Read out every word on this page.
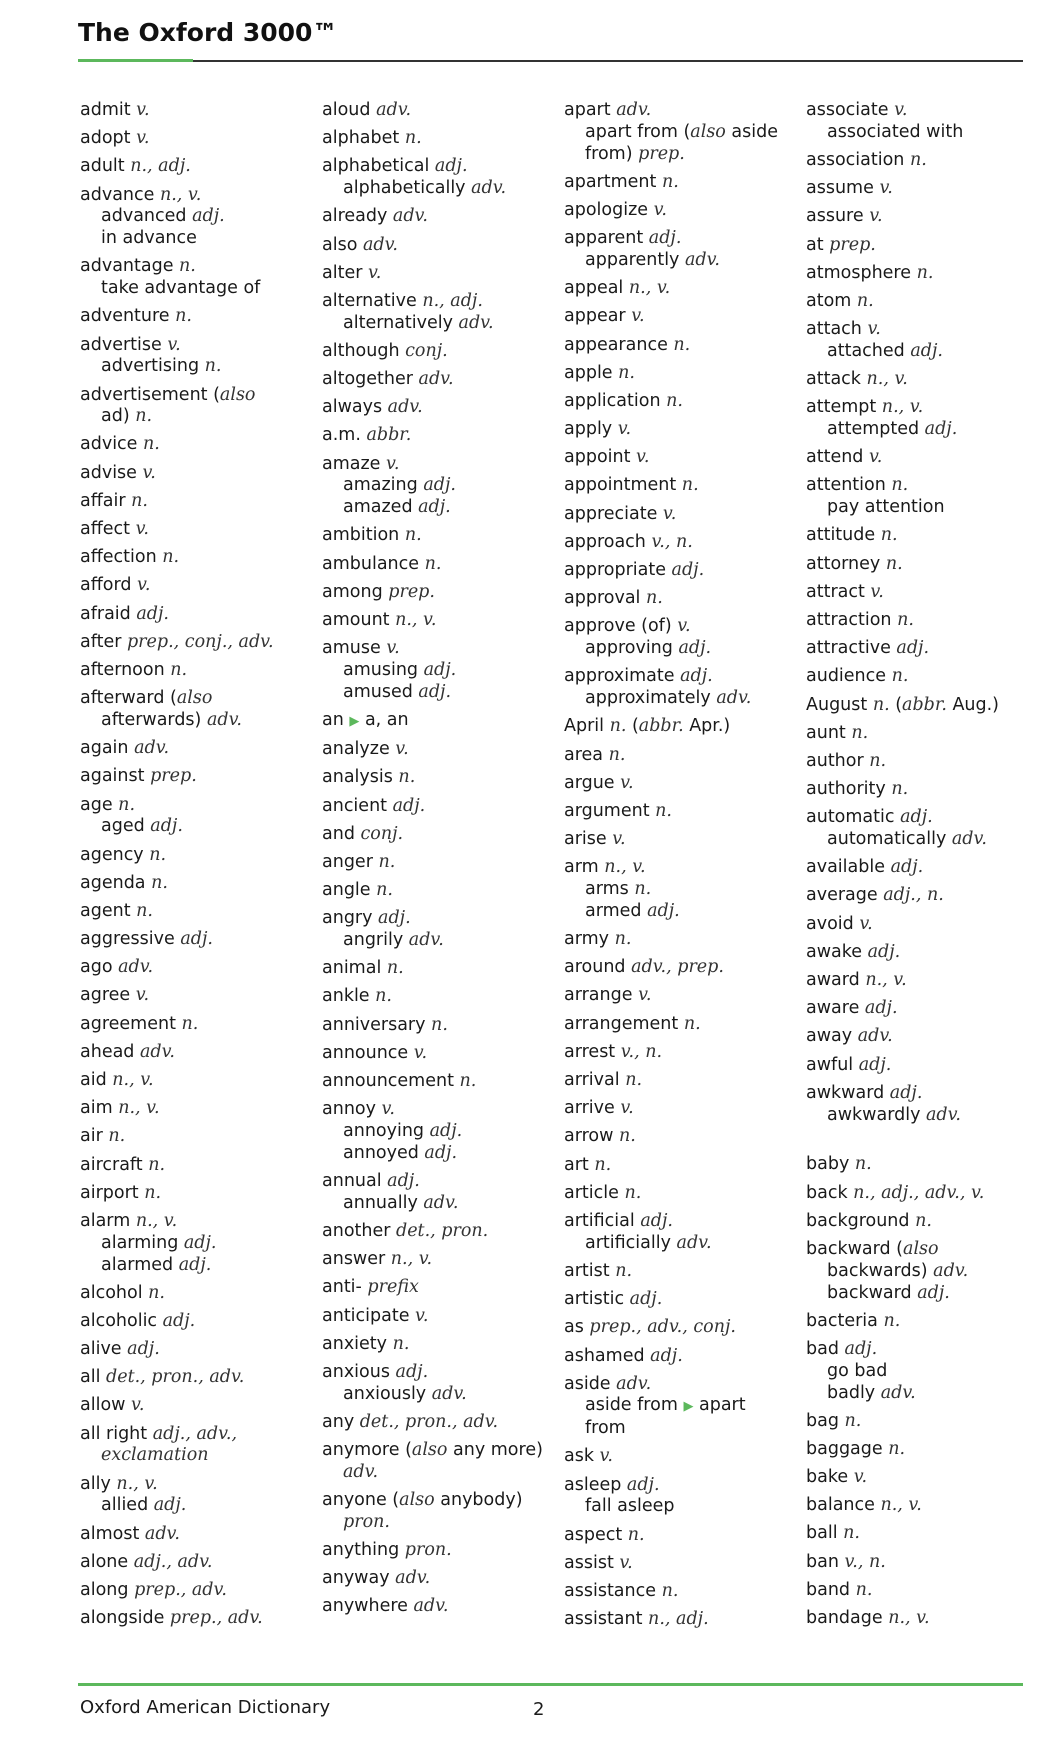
The Oxford 3000™
admit v.
adopt v.
adult n., adj.
advance n., v.
advanced adj.
in advance
advantage n.
take advantage of
adventure n.
advertise v.
advertising n.
advertisement (also
ad) n.
advice n.
advise v.
affair n.
affect v.
affection n.
afford v.
afraid adj.
after prep., conj., adv.
afternoon n.
afterward (also
afterwards) adv.
again adv.
against prep.
age n.
aged adj.
agency n.
agenda n.
agent n.
aggressive adj.
ago adv.
agree v.
agreement n.
ahead adv.
aid n., v.
aim n., v.
air n.
aircraft n.
airport n.
alarm n., v.
alarming adj.
alarmed adj.
alcohol n.
alcoholic adj.
alive adj.
all det., pron., adv.
allow v.
all right adj., adv.,
exclamation
ally n., v.
allied adj.
almost adv.
alone adj., adv.
along prep., adv.
alongside prep., adv.
aloud adv.
alphabet n.
alphabetical adj.
alphabetically adv.
already adv.
also adv.
alter v.
alternative n., adj.
alternatively adv.
although conj.
altogether adv.
always adv.
a.m. abbr.
amaze v.
amazing adj.
amazed adj.
ambition n.
ambulance n.
among prep.
amount n., v.
amuse v.
amusing adj.
amused adj.
an ▶ a, an
analyze v.
analysis n.
ancient adj.
and conj.
anger n.
angle n.
angry adj.
angrily adv.
animal n.
ankle n.
anniversary n.
announce v.
announcement n.
annoy v.
annoying adj.
annoyed adj.
annual adj.
annually adv.
another det., pron.
answer n., v.
anti- prefix
anticipate v.
anxiety n.
anxious adj.
anxiously adv.
any det., pron., adv.
anymore (also any more)
adv.
anyone (also anybody)
pron.
anything pron.
anyway adv.
anywhere adv.
apart adv.
apart from (also aside
from) prep.
apartment n.
apologize v.
apparent adj.
apparently adv.
appeal n., v.
appear v.
appearance n.
apple n.
application n.
apply v.
appoint v.
appointment n.
appreciate v.
approach v., n.
appropriate adj.
approval n.
approve (of) v.
approving adj.
approximate adj.
approximately adv.
April n. (abbr. Apr.)
area n.
argue v.
argument n.
arise v.
arm n., v.
arms n.
armed adj.
army n.
around adv., prep.
arrange v.
arrangement n.
arrest v., n.
arrival n.
arrive v.
arrow n.
art n.
article n.
artificial adj.
artificially adv.
artist n.
artistic adj.
as prep., adv., conj.
ashamed adj.
aside adv.
aside from ▶ apart
from
ask v.
asleep adj.
fall asleep
aspect n.
assist v.
assistance n.
assistant n., adj.
associate v.
associated with
association n.
assume v.
assure v.
at prep.
atmosphere n.
atom n.
attach v.
attached adj.
attack n., v.
attempt n., v.
attempted adj.
attend v.
attention n.
pay attention
attitude n.
attorney n.
attract v.
attraction n.
attractive adj.
audience n.
August n. (abbr. Aug.)
aunt n.
author n.
authority n.
automatic adj.
automatically adv.
available adj.
average adj., n.
avoid v.
awake adj.
award n., v.
aware adj.
away adv.
awful adj.
awkward adj.
awkwardly adv.
baby n.
back n., adj., adv., v.
background n.
backward (also
backwards) adv.
backward adj.
bacteria n.
bad adj.
go bad
badly adv.
bag n.
baggage n.
bake v.
balance n., v.
ball n.
ban v., n.
band n.
bandage n., v.
Oxford American Dictionary	2
